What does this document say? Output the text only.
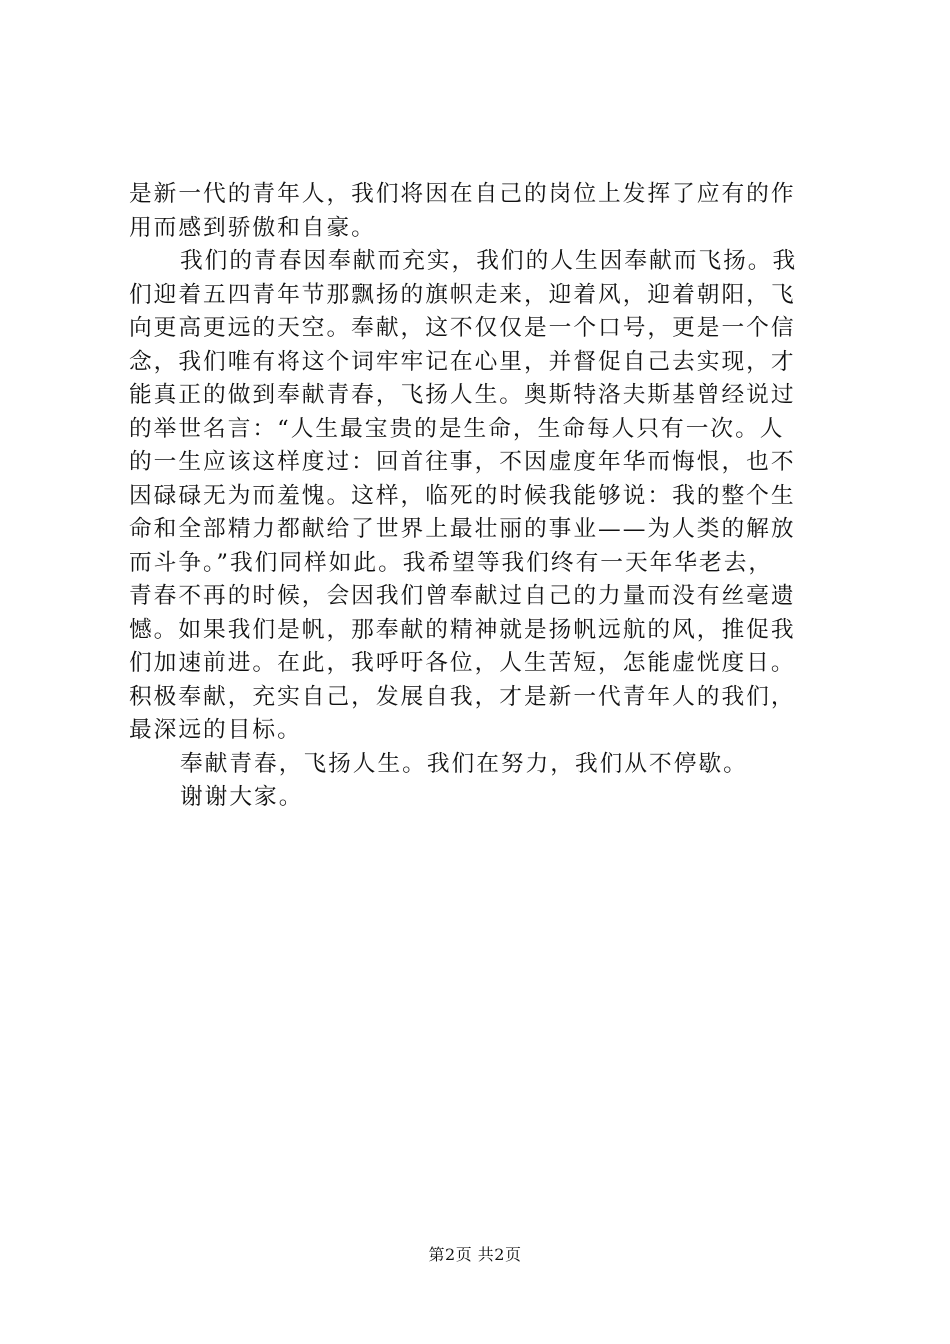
是新一代的青年人，我们将因在自己的岗位上发挥了应有的作
用而感到骄傲和自豪。
我们的青春因奉献而充实，我们的人生因奉献而飞扬。我
们迎着五四青年节那飘扬的旗帜走来，迎着风，迎着朝阳，飞
向更高更远的天空。奉献，这不仅仅是一个口号，更是一个信
念，我们唯有将这个词牢牢记在心里，并督促自己去实现，才
能真正的做到奉献青春，飞扬人生。奥斯特洛夫斯基曾经说过
的举世名言：“人生最宝贵的是生命，生命每人只有一次。人
的一生应该这样度过：回首往事，不因虚度年华而悔恨，也不
因碌碌无为而羞愧。这样，临死的时候我能够说：我的整个生
命和全部精力都献给了世界上最壮丽的事业——为人类的解放
而斗争。”我们同样如此。我希望等我们终有一天年华老去，
青春不再的时候，会因我们曾奉献过自己的力量而没有丝毫遗
憾。如果我们是帆，那奉献的精神就是扬帆远航的风，推促我
们加速前进。在此，我呼吁各位，人生苦短，怎能虚恍度日。
积极奉献，充实自己，发展自我，才是新一代青年人的我们，
最深远的目标。
奉献青春，飞扬人生。我们在努力，我们从不停歇。
谢谢大家。
第2页 共2页
